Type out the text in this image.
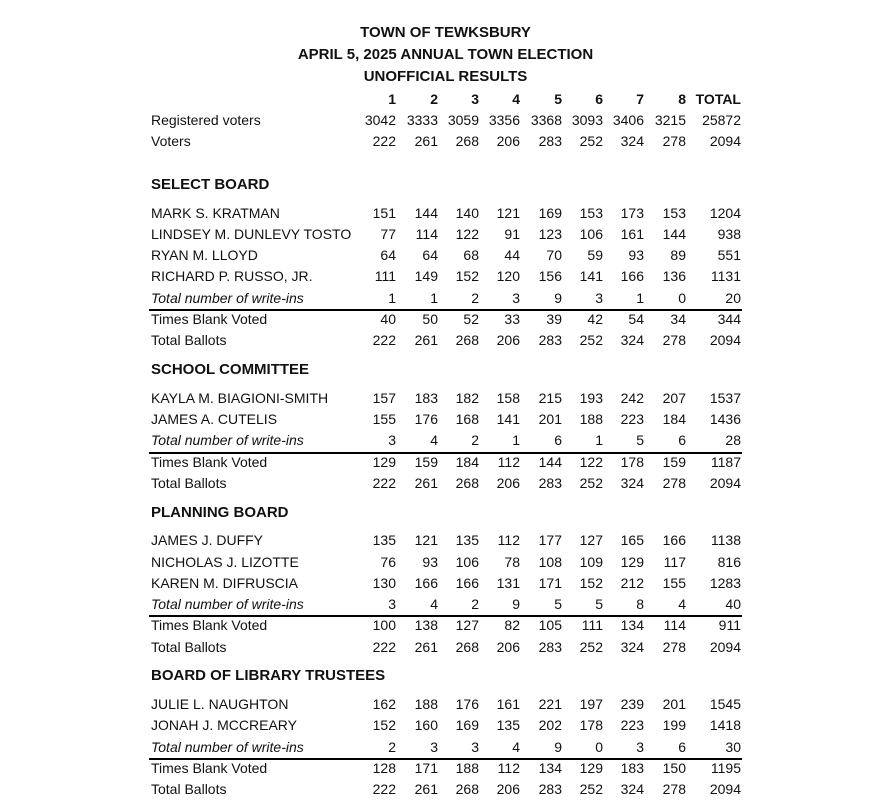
TOWN OF TEWKSBURY
APRIL 5, 2025 ANNUAL TOWN ELECTION
UNOFFICIAL RESULTS
1	2	3	4	5	6	7	8 TOTAL
Registered voters	3042 3333 3059 3356 3368 3093 3406 3215	25872
Voters	222	261	268	206	283	252	324	278	2094
SELECT BOARD
MARK S. KRATMAN	151	144	140	121	169	153	173	153	1204
LINDSEY M. DUNLEVY TOSTO	77	114	122	91	123	106	161	144	938
RYAN M. LLOYD	64	64	68	44	70	59	93	89	551
RICHARD P. RUSSO, JR.	111	149	152	120	156	141	166	136	1131
Total number of write-ins	1	1	2	3	9	3	1	0	20
Times Blank Voted	40	50	52	33	39	42	54	34	344
Total Ballots	222	261	268	206	283	252	324	278	2094
SCHOOL COMMITTEE
KAYLA M. BIAGIONI-SMITH	157	183	182	158	215	193	242	207	1537
JAMES A. CUTELIS	155	176	168	141	201	188	223	184	1436
Total number of write-ins	3	4	2	1	6	1	5	6	28
Times Blank Voted	129	159	184	112	144	122	178	159	1187
Total Ballots	222	261	268	206	283	252	324	278	2094
PLANNING BOARD
JAMES J. DUFFY	135	121	135	112	177	127	165	166	1138
NICHOLAS J. LIZOTTE	76	93	106	78	108	109	129	117	816
KAREN M. DIFRUSCIA	130	166	166	131	171	152	212	155	1283
Total number of write-ins	3	4	2	9	5	5	8	4	40
Times Blank Voted	100	138	127	82	105	111	134	114	911
Total Ballots	222	261	268	206	283	252	324	278	2094
BOARD OF LIBRARY TRUSTEES
JULIE L. NAUGHTON	162	188	176	161	221	197	239	201	1545
JONAH J. MCCREARY	152	160	169	135	202	178	223	199	1418
Total number of write-ins	2	3	3	4	9	0	3	6	30
Times Blank Voted	128	171	188	112	134	129	183	150	1195
Total Ballots	222	261	268	206	283	252	324	278	2094
